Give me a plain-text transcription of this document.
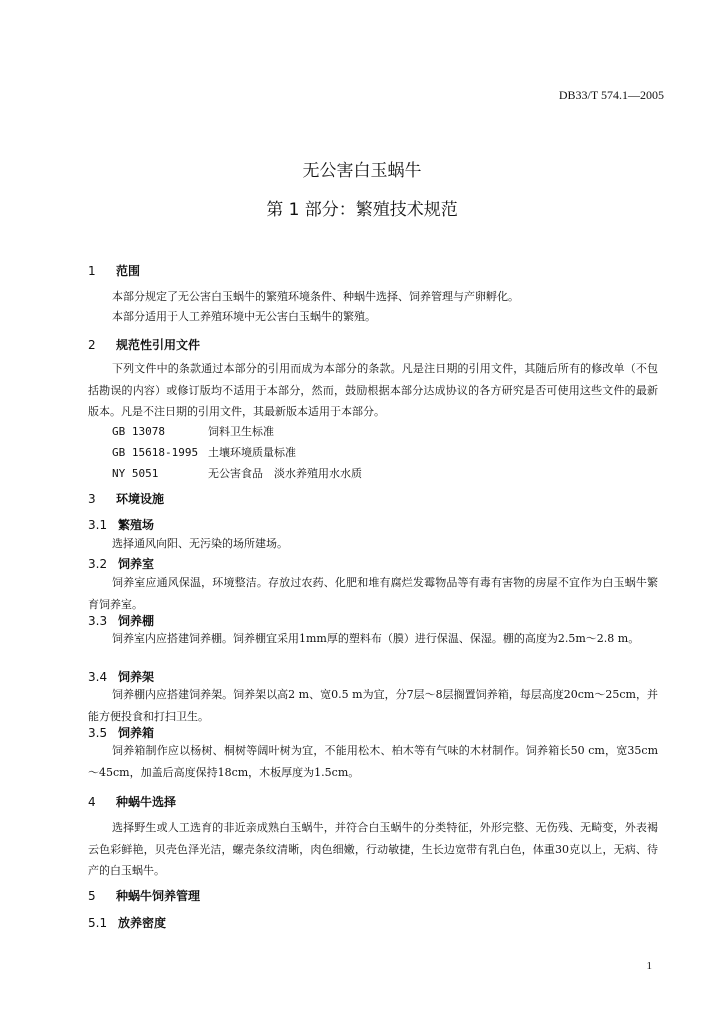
DB33/T 574.1—2005
无公害白玉蜗牛
第 1 部分：繁殖技术规范
1 范围
本部分规定了无公害白玉蜗牛的繁殖环境条件、种蜗牛选择、饲养管理与产卵孵化。
本部分适用于人工养殖环境中无公害白玉蜗牛的繁殖。
2 规范性引用文件
下列文件中的条款通过本部分的引用而成为本部分的条款。凡是注日期的引用文件，其随后所有的修改单（不包括勘误的内容）或修订版均不适用于本部分，然而，鼓励根据本部分达成协议的各方研究是否可使用这些文件的最新版本。凡是不注日期的引用文件，其最新版本适用于本部分。
GB 13078	饲料卫生标准
GB 15618-1995 土壤环境质量标准
NY 5051	无公害食品　淡水养殖用水水质
3 环境设施
3.1 繁殖场
选择通风向阳、无污染的场所建场。
3.2 饲养室
饲养室应通风保温，环境整洁。存放过农药、化肥和堆有腐烂发霉物品等有毒有害物的房屋不宜作为白玉蜗牛繁育饲养室。
3.3 饲养棚
饲养室内应搭建饲养棚。饲养棚宜采用1mm厚的塑料布（膜）进行保温、保湿。棚的高度为2.5m～2.8 m。
3.4 饲养架
饲养棚内应搭建饲养架。饲养架以高2 m、宽0.5 m为宜，分7层～8层搁置饲养箱，每层高度20cm～25cm，并能方便投食和打扫卫生。
3.5 饲养箱
饲养箱制作应以杨树、桐树等阔叶树为宜，不能用松木、柏木等有气味的木材制作。饲养箱长50 cm，宽35cm～45cm，加盖后高度保持18cm，木板厚度为1.5cm。
4 种蜗牛选择
选择野生或人工选育的非近亲成熟白玉蜗牛，并符合白玉蜗牛的分类特征，外形完整、无伤残、无畸变，外表褐云色彩鲜艳，贝壳色泽光洁，螺壳条纹清晰，肉色细嫩，行动敏捷，生长边宽带有乳白色，体重30克以上，无病、待产的白玉蜗牛。
5 种蜗牛饲养管理
5.1 放养密度
1
